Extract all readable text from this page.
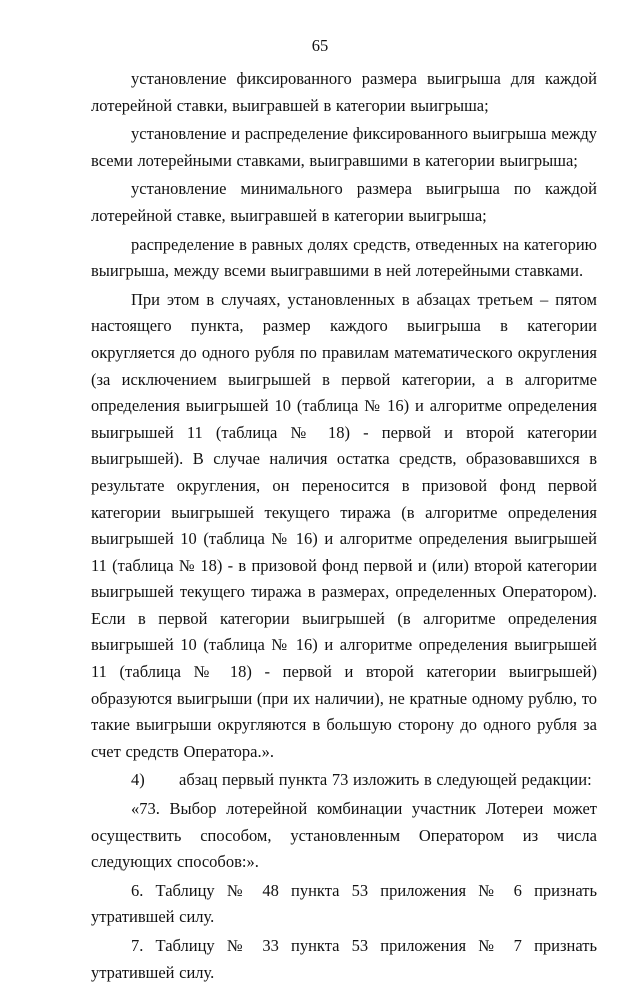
65

установление фиксированного размера выигрыша для каждой лотерейной ставки, выигравшей в категории выигрыша;

установление и распределение фиксированного выигрыша между всеми лотерейными ставками, выигравшими в категории выигрыша;

установление минимального размера выигрыша по каждой лотерейной ставке, выигравшей в категории выигрыша;

распределение в равных долях средств, отведенных на категорию выигрыша, между всеми выигравшими в ней лотерейными ставками.

При этом в случаях, установленных в абзацах третьем – пятом настоящего пункта, размер каждого выигрыша в категории округляется до одного рубля по правилам математического округления (за исключением выигрышей в первой категории, а в алгоритме определения выигрышей 10 (таблица № 16) и алгоритме определения выигрышей 11 (таблица № 18) - первой и второй категории выигрышей). В случае наличия остатка средств, образовавшихся в результате округления, он переносится в призовой фонд первой категории выигрышей текущего тиража (в алгоритме определения выигрышей 10 (таблица № 16) и алгоритме определения выигрышей 11 (таблица № 18) - в призовой фонд первой и (или) второй категории выигрышей текущего тиража в размерах, определенных Оператором). Если в первой категории выигрышей (в алгоритме определения выигрышей 10 (таблица № 16) и алгоритме определения выигрышей 11 (таблица № 18) - первой и второй категории выигрышей) образуются выигрыши (при их наличии), не кратные одному рублю, то такие выигрыши округляются в большую сторону до одного рубля за счет средств Оператора.».

4) абзац первый пункта 73 изложить в следующей редакции:

«73. Выбор лотерейной комбинации участник Лотереи может осуществить способом, установленным Оператором из числа следующих способов:».

6. Таблицу № 48 пункта 53 приложения № 6 признать утратившей силу.

7. Таблицу № 33 пункта 53 приложения № 7 признать утратившей силу.
